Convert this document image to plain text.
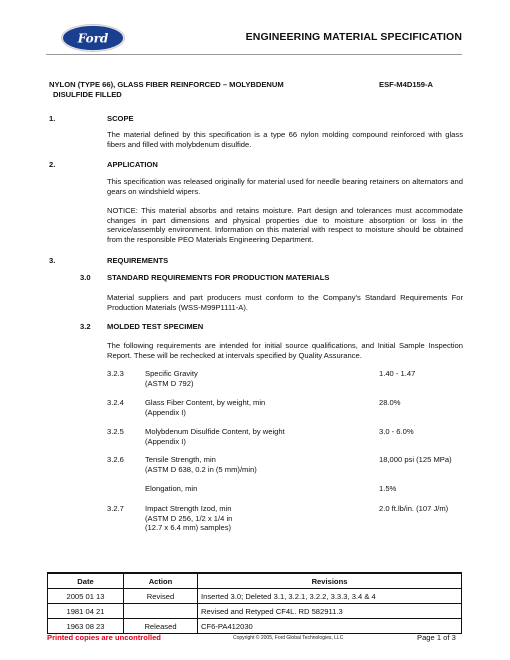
Ford	ENGINEERING MATERIAL SPECIFICATION
NYLON (TYPE 66), GLASS FIBER REINFORCED – MOLYBDENUM
DISULFIDE FILLED
ESF-M4D159-A
1.	SCOPE
The material defined by this specification is a type 66 nylon molding compound reinforced with glass fibers and filled with molybdenum disulfide.
2.	APPLICATION
This specification was released originally for material used for needle bearing retainers on alternators and gears on windshield wipers.
NOTICE: This material absorbs and retains moisture. Part design and tolerances must accommodate changes in part dimensions and physical properties due to moisture absorption or loss in the service/assembly environment. Information on this material with respect to moisture should be obtained from the responsible PEO Materials Engineering Department.
3.	REQUIREMENTS
3.0 STANDARD REQUIREMENTS FOR PRODUCTION MATERIALS
Material suppliers and part producers must conform to the Company's Standard Requirements For Production Materials (WSS-M99P1111-A).
3.2 MOLDED TEST SPECIMEN
The following requirements are intended for initial source qualifications, and Initial Sample Inspection Report. These will be rechecked at intervals specified by Quality Assurance.
3.2.3	Specific Gravity
(ASTM D 792)
1.40 - 1.47
3.2.4	Glass Fiber Content, by weight, min
(Appendix I)
28.0%
3.2.5	Molybdenum Disulfide Content, by weight
(Appendix I)
3.0 - 6.0%
3.2.6	Tensile Strength, min
(ASTM D 638, 0.2 in (5 mm)/min)
18,000 psi (125 MPa)
Elongation, min	1.5%
3.2.7	Impact Strength Izod, min
(ASTM D 256, 1/2 x 1/4 in
(12.7 x 6.4 mm) samples)
2.0 ft.lb/in. (107 J/m)
Date	Action	Revisions
2005 01 13	Revised	Inserted 3.0; Deleted 3.1, 3.2.1, 3.2.2, 3.3.3, 3.4 & 4
1981 04 21		Revised and Retyped CF4L. RD 582911.3
1963 08 23	Released	CF6-PA412030
Printed copies are uncontrolled	Copyright © 2005, Ford Global Technologies, LLC	Page 1 of 3
